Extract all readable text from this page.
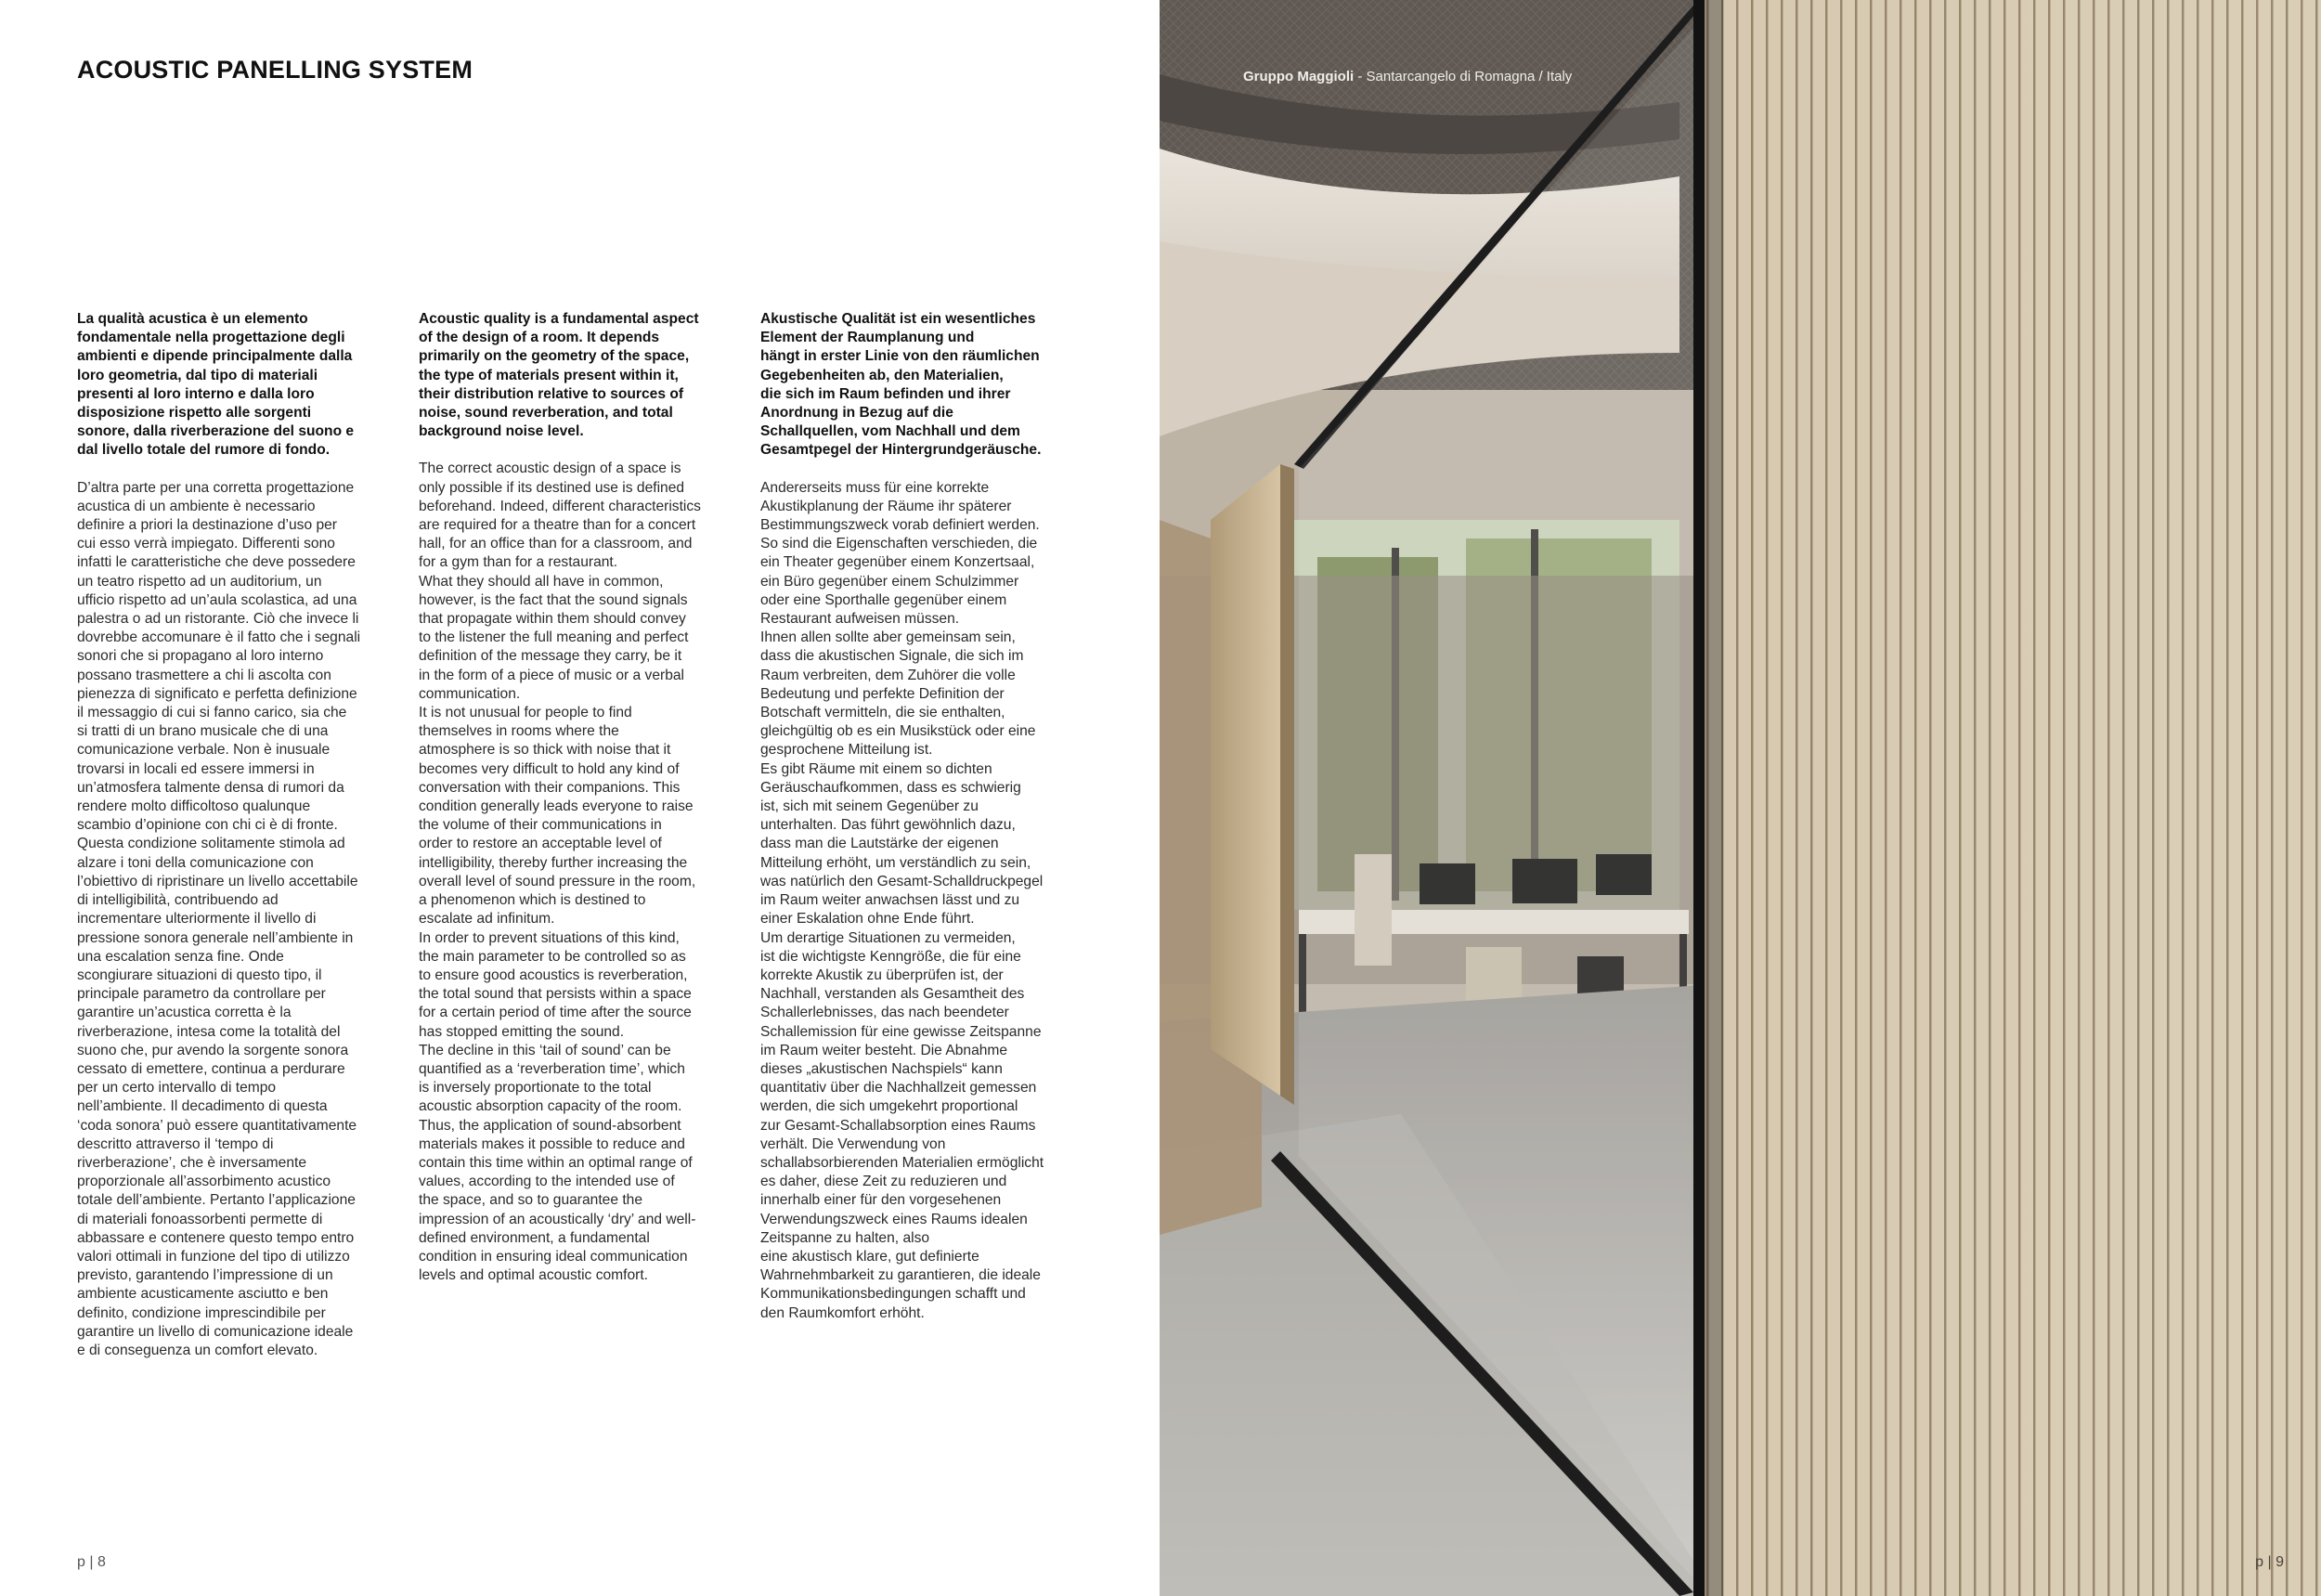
ACOUSTIC PANELLING SYSTEM

La qualità acustica è un elemento
fondamentale nella progettazione degli
ambienti e dipende principalmente dalla
loro geometria, dal tipo di materiali
presenti al loro interno e dalla loro
disposizione rispetto alle sorgenti
sonore, dalla riverberazione del suono e
dal livello totale del rumore di fondo.

D’altra parte per una corretta progettazione
acustica di un ambiente è necessario
definire a priori la destinazione d’uso per
cui esso verrà impiegato. Differenti sono
infatti le caratteristiche che deve possedere
un teatro rispetto ad un auditorium, un
ufficio rispetto ad un’aula scolastica, ad una
palestra o ad un ristorante. Ciò che invece li
dovrebbe accomunare è il fatto che i segnali
sonori che si propagano al loro interno
possano trasmettere a chi li ascolta con
pienezza di significato e perfetta definizione
il messaggio di cui si fanno carico, sia che
si tratti di un brano musicale che di una
comunicazione verbale. Non è inusuale
trovarsi in locali ed essere immersi in
un’atmosfera talmente densa di rumori da
rendere molto difficoltoso qualunque
scambio d’opinione con chi ci è di fronte.
Questa condizione solitamente stimola ad
alzare i toni della comunicazione con
l’obiettivo di ripristinare un livello accettabile
di intelligibilità, contribuendo ad
incrementare ulteriormente il livello di
pressione sonora generale nell’ambiente in
una escalation senza fine. Onde
scongiurare situazioni di questo tipo, il
principale parametro da controllare per
garantire un’acustica corretta è la
riverberazione, intesa come la totalità del
suono che, pur avendo la sorgente sonora
cessato di emettere, continua a perdurare
per un certo intervallo di tempo
nell’ambiente. Il decadimento di questa
‘coda sonora’ può essere quantitativamente
descritto attraverso il ‘tempo di
riverberazione’, che è inversamente
proporzionale all’assorbimento acustico
totale dell’ambiente. Pertanto l’applicazione
di materiali fonoassorbenti permette di
abbassare e contenere questo tempo entro
valori ottimali in funzione del tipo di utilizzo
previsto, garantendo l’impressione di un
ambiente acusticamente asciutto e ben
definito, condizione imprescindibile per
garantire un livello di comunicazione ideale
e di conseguenza un comfort elevato.

Acoustic quality is a fundamental aspect
of the design of a room. It depends
primarily on the geometry of the space,
the type of materials present within it,
their distribution relative to sources of
noise, sound reverberation, and total
background noise level.

The correct acoustic design of a space is
only possible if its destined use is defined
beforehand. Indeed, different characteristics
are required for a theatre than for a concert
hall, for an office than for a classroom, and
for a gym than for a restaurant.
What they should all have in common,
however, is the fact that the sound signals
that propagate within them should convey
to the listener the full meaning and perfect
definition of the message they carry, be it
in the form of a piece of music or a verbal
communication.
It is not unusual for people to find
themselves in rooms where the
atmosphere is so thick with noise that it
becomes very difficult to hold any kind of
conversation with their companions. This
condition generally leads everyone to raise
the volume of their communications in
order to restore an acceptable level of
intelligibility, thereby further increasing the
overall level of sound pressure in the room,
a phenomenon which is destined to
escalate ad infinitum.
In order to prevent situations of this kind,
the main parameter to be controlled so as
to ensure good acoustics is reverberation,
the total sound that persists within a space
for a certain period of time after the source
has stopped emitting the sound.
The decline in this ‘tail of sound’ can be
quantified as a ‘reverberation time’, which
is inversely proportionate to the total
acoustic absorption capacity of the room.
Thus, the application of sound-absorbent
materials makes it possible to reduce and
contain this time within an optimal range of
values, according to the intended use of
the space, and so to guarantee the
impression of an acoustically ‘dry’ and well-
defined environment, a fundamental
condition in ensuring ideal communication
levels and optimal acoustic comfort.

Akustische Qualität ist ein wesentliches
Element der Raumplanung und
hängt in erster Linie von den räumlichen
Gegebenheiten ab, den Materialien,
die sich im Raum befinden und ihrer
Anordnung in Bezug auf die
Schallquellen, vom Nachhall und dem
Gesamtpegel der Hintergrundgeräusche.

Andererseits muss für eine korrekte
Akustikplanung der Räume ihr späterer
Bestimmungszweck vorab definiert werden.
So sind die Eigenschaften verschieden, die
ein Theater gegenüber einem Konzertsaal,
ein Büro gegenüber einem Schulzimmer
oder eine Sporthalle gegenüber einem
Restaurant aufweisen müssen.
Ihnen allen sollte aber gemeinsam sein,
dass die akustischen Signale, die sich im
Raum verbreiten, dem Zuhörer die volle
Bedeutung und perfekte Definition der
Botschaft vermitteln, die sie enthalten,
gleichgültig ob es ein Musikstück oder eine
gesprochene Mitteilung ist.
Es gibt Räume mit einem so dichten
Geräuschaufkommen, dass es schwierig
ist, sich mit seinem Gegenüber zu
unterhalten. Das führt gewöhnlich dazu,
dass man die Lautstärke der eigenen
Mitteilung erhöht, um verständlich zu sein,
was natürlich den Gesamt-Schalldruckpegel
im Raum weiter anwachsen lässt und zu
einer Eskalation ohne Ende führt.
Um derartige Situationen zu vermeiden,
ist die wichtigste Kenngröße, die für eine
korrekte Akustik zu überprüfen ist, der
Nachhall, verstanden als Gesamtheit des
Schallerlebnisses, das nach beendeter
Schallemission für eine gewisse Zeitspanne
im Raum weiter besteht. Die Abnahme
dieses „akustischen Nachspiels“ kann
quantitativ über die Nachhallzeit gemessen
werden, die sich umgekehrt proportional
zur Gesamt-Schallabsorption eines Raums
verhält. Die Verwendung von
schallabsorbierenden Materialien ermöglicht
es daher, diese Zeit zu reduzieren und
innerhalb einer für den vorgesehenen
Verwendungszweck eines Raums idealen
Zeitspanne zu halten, also
eine akustisch klare, gut definierte
Wahrnehmbarkeit zu garantieren, die ideale
Kommunikationsbedingungen schafft und
den Raumkomfort erhöht.

p | 8
Gruppo Maggioli - Santarcangelo di Romagna / Italy
p | 9
